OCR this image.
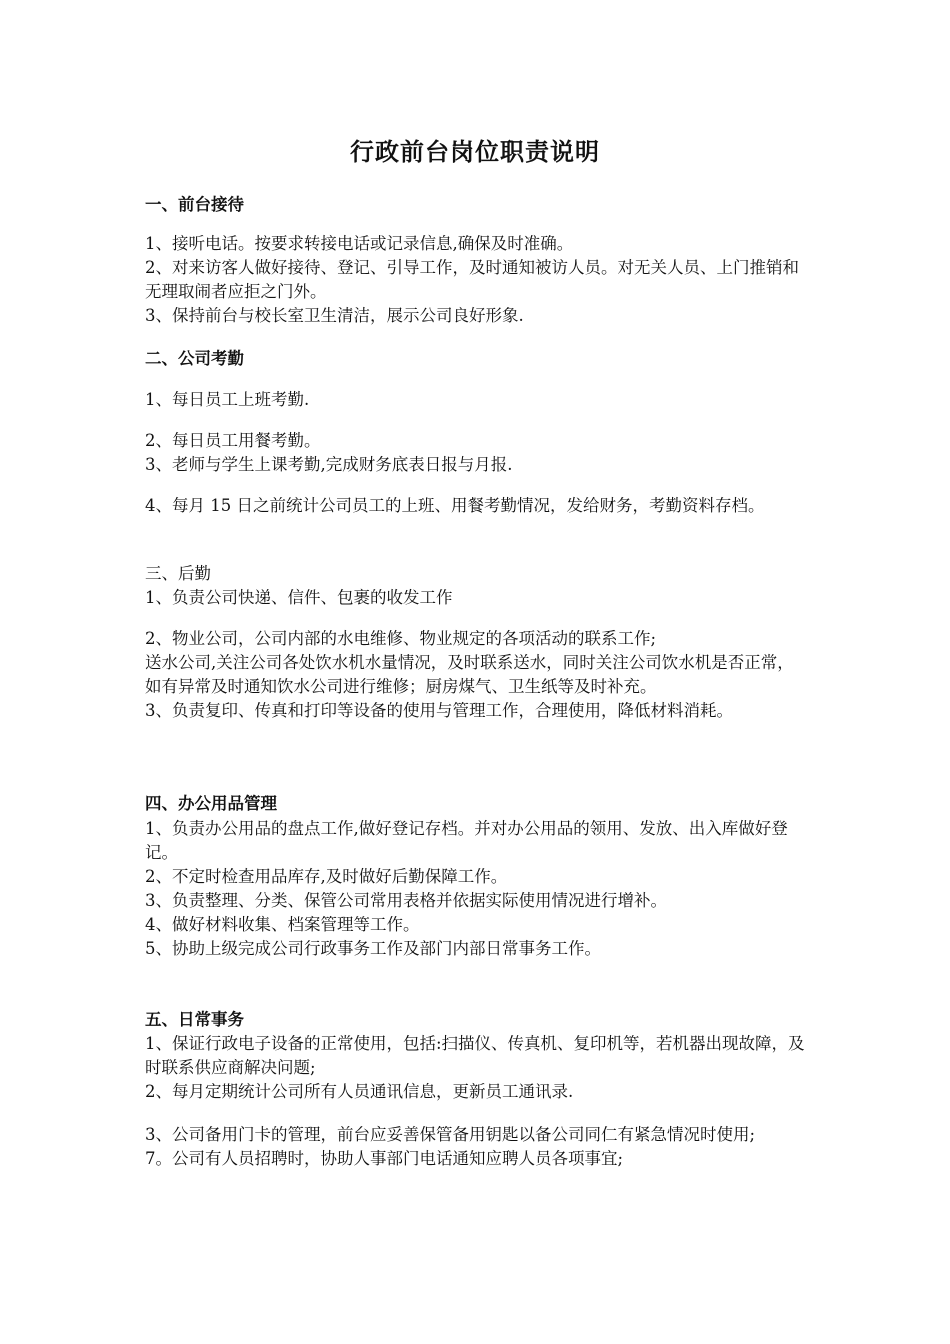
行政前台岗位职责说明
一、前台接待

1、接听电话。按要求转接电话或记录信息,确保及时准确。

2、对来访客人做好接待、登记、引导工作，及时通知被访人员。对无关人员、上门推销和无理取闹者应拒之门外。

3、保持前台与校长室卫生清洁，展示公司良好形象.

二、公司考勤

1、每日员工上班考勤.

2、每日员工用餐考勤。

3、老师与学生上课考勤,完成财务底表日报与月报.

4、每月 15 日之前统计公司员工的上班、用餐考勤情况，发给财务，考勤资料存档。

三、后勤

1、负责公司快递、信件、包裹的收发工作

2、物业公司，公司内部的水电维修、物业规定的各项活动的联系工作;

送水公司,关注公司各处饮水机水量情况，及时联系送水，同时关注公司饮水机是否正常，如有异常及时通知饮水公司进行维修；厨房煤气、卫生纸等及时补充。

3、负责复印、传真和打印等设备的使用与管理工作，合理使用，降低材料消耗。

四、办公用品管理

1、负责办公用品的盘点工作,做好登记存档。并对办公用品的领用、发放、出入库做好登记。

2、不定时检查用品库存,及时做好后勤保障工作。

3、负责整理、分类、保管公司常用表格并依据实际使用情况进行增补。

4、做好材料收集、档案管理等工作。

5、协助上级完成公司行政事务工作及部门内部日常事务工作。

五、日常事务

1、保证行政电子设备的正常使用，包括:扫描仪、传真机、复印机等，若机器出现故障，及时联系供应商解决问题;

2、每月定期统计公司所有人员通讯信息，更新员工通讯录.

3、公司备用门卡的管理，前台应妥善保管备用钥匙以备公司同仁有紧急情况时使用;

7。公司有人员招聘时，协助人事部门电话通知应聘人员各项事宜;
